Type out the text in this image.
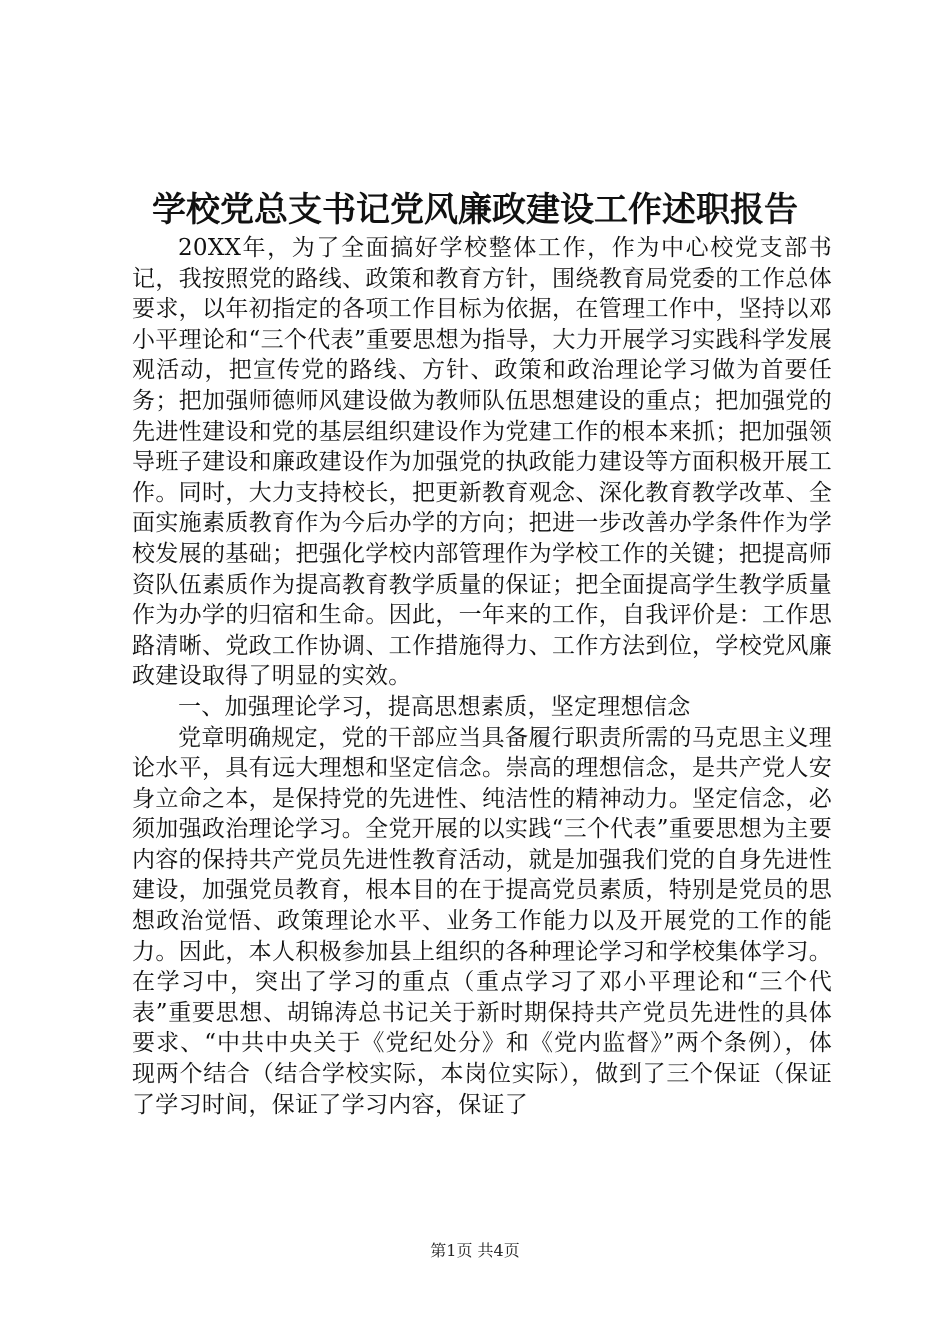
学校党总支书记党风廉政建设工作述职报告

20XX年，为了全面搞好学校整体工作，作为中心校党支部书记，我按照党的路线、政策和教育方针，围绕教育局党委的工作总体要求，以年初指定的各项工作目标为依据，在管理工作中，坚持以邓小平理论和“三个代表”重要思想为指导，大力开展学习实践科学发展观活动，把宣传党的路线、方针、政策和政治理论学习做为首要任务；把加强师德师风建设做为教师队伍思想建设的重点；把加强党的先进性建设和党的基层组织建设作为党建工作的根本来抓；把加强领导班子建设和廉政建设作为加强党的执政能力建设等方面积极开展工作。同时，大力支持校长，把更新教育观念、深化教育教学改革、全面实施素质教育作为今后办学的方向；把进一步改善办学条件作为学校发展的基础；把强化学校内部管理作为学校工作的关键；把提高师资队伍素质作为提高教育教学质量的保证；把全面提高学生教学质量作为办学的归宿和生命。因此，一年来的工作，自我评价是：工作思路清晰、党政工作协调、工作措施得力、工作方法到位，学校党风廉政建设取得了明显的实效。

一、加强理论学习，提高思想素质，坚定理想信念

党章明确规定，党的干部应当具备履行职责所需的马克思主义理论水平，具有远大理想和坚定信念。崇高的理想信念，是共产党人安身立命之本，是保持党的先进性、纯洁性的精神动力。坚定信念，必须加强政治理论学习。全党开展的以实践“三个代表”重要思想为主要内容的保持共产党员先进性教育活动，就是加强我们党的自身先进性建设，加强党员教育，根本目的在于提高党员素质，特别是党员的思想政治觉悟、政策理论水平、业务工作能力以及开展党的工作的能力。因此，本人积极参加县上组织的各种理论学习和学校集体学习。在学习中，突出了学习的重点（重点学习了邓小平理论和“三个代表”重要思想、胡锦涛总书记关于新时期保持共产党员先进性的具体要求、“中共中央关于《党纪处分》和《党内监督》”两个条例），体现两个结合（结合学校实际，本岗位实际），做到了三个保证（保证了学习时间，保证了学习内容，保证了

第1页 共4页
